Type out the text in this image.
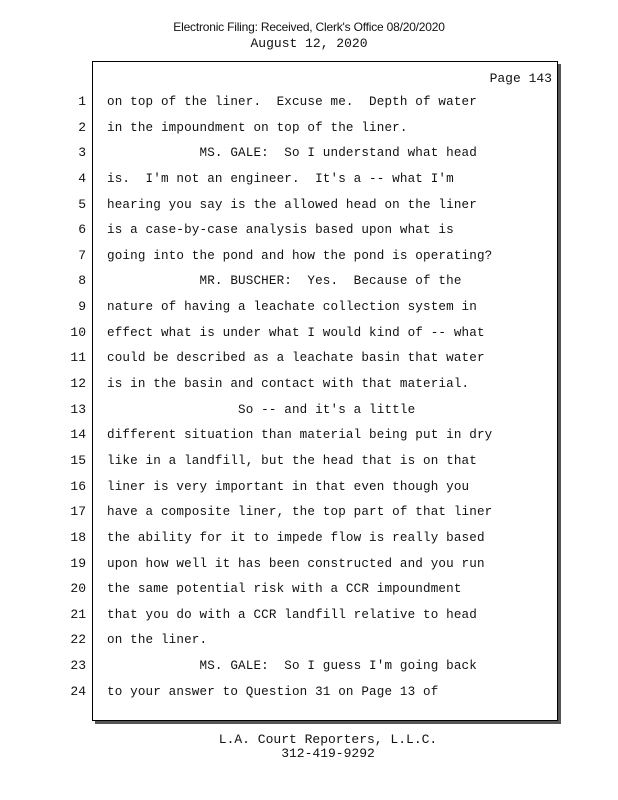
Electronic Filing: Received, Clerk's Office 08/20/2020
August 12, 2020
Page 143
1
2
3
4
5
6
7
8
9
10
11
12
13
14
15
16
17
18
19
20
21
22
23
24
on top of the liner.  Excuse me.  Depth of water
in the impoundment on top of the liner.
MS. GALE:  So I understand what head
is.  I'm not an engineer.  It's a -- what I'm
hearing you say is the allowed head on the liner
is a case-by-case analysis based upon what is
going into the pond and how the pond is operating?
MR. BUSCHER:  Yes.  Because of the
nature of having a leachate collection system in
effect what is under what I would kind of -- what
could be described as a leachate basin that water
is in the basin and contact with that material.
So -- and it's a little
different situation than material being put in dry
like in a landfill, but the head that is on that
liner is very important in that even though you
have a composite liner, the top part of that liner
the ability for it to impede flow is really based
upon how well it has been constructed and you run
the same potential risk with a CCR impoundment
that you do with a CCR landfill relative to head
on the liner.
MS. GALE:  So I guess I'm going back
to your answer to Question 31 on Page 13 of
L.A. Court Reporters, L.L.C.
312-419-9292
